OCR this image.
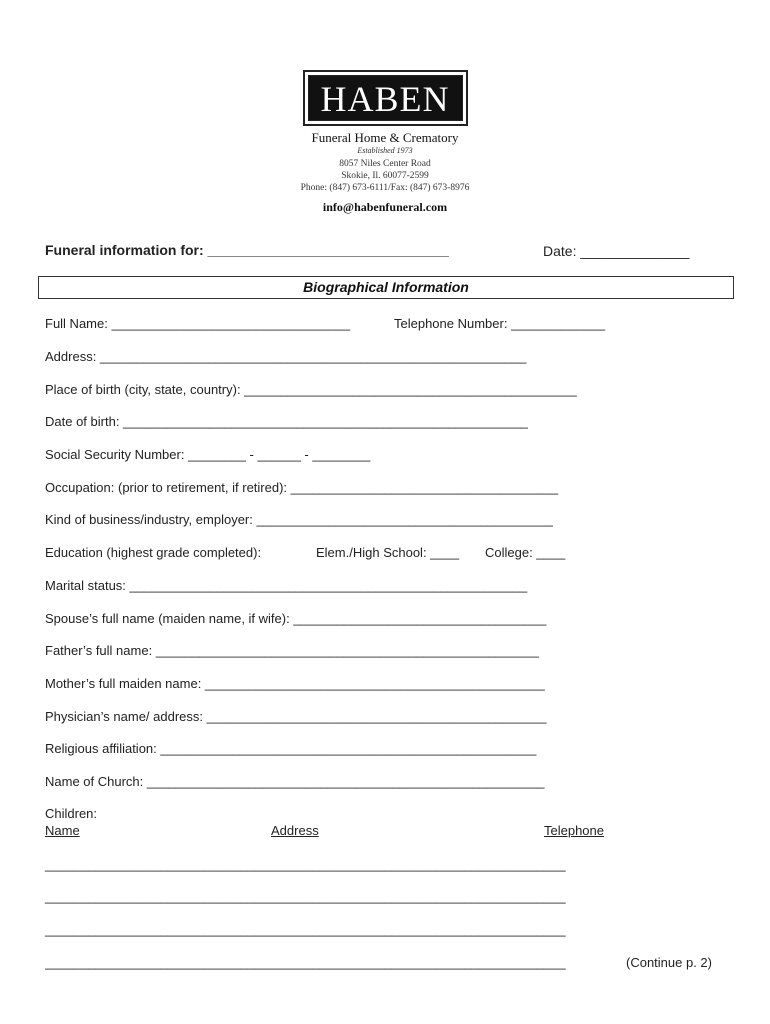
HABEN
Funeral Home & Crematory
Established 1973
8057 Niles Center Road
Skokie, Il. 60077-2599
Phone: (847) 673-6111/Fax: (847) 673-8976
info@habenfuneral.com
Funeral information for: _______________________________	Date: ______________
Biographical Information
Full Name: _________________________________	Telephone Number: _____________
Address: ___________________________________________________________
Place of birth (city, state, country): ______________________________________________
Date of birth: ________________________________________________________
Social Security Number: ________ - ______ - ________
Occupation: (prior to retirement, if retired): _____________________________________
Kind of business/industry, employer: _________________________________________
Education (highest grade completed):	Elem./High School: ____ College: ____
Marital status: _______________________________________________________
Spouse’s full name (maiden name, if wife): ___________________________________
Father’s full name: _____________________________________________________
Mother’s full maiden name: _______________________________________________
Physician’s name/ address: _______________________________________________
Religious affiliation: ____________________________________________________
Name of Church: _______________________________________________________
Children:
Name	Address	Telephone
________________________________________________________________________
________________________________________________________________________
________________________________________________________________________
________________________________________________________________________	(Continue p. 2)
